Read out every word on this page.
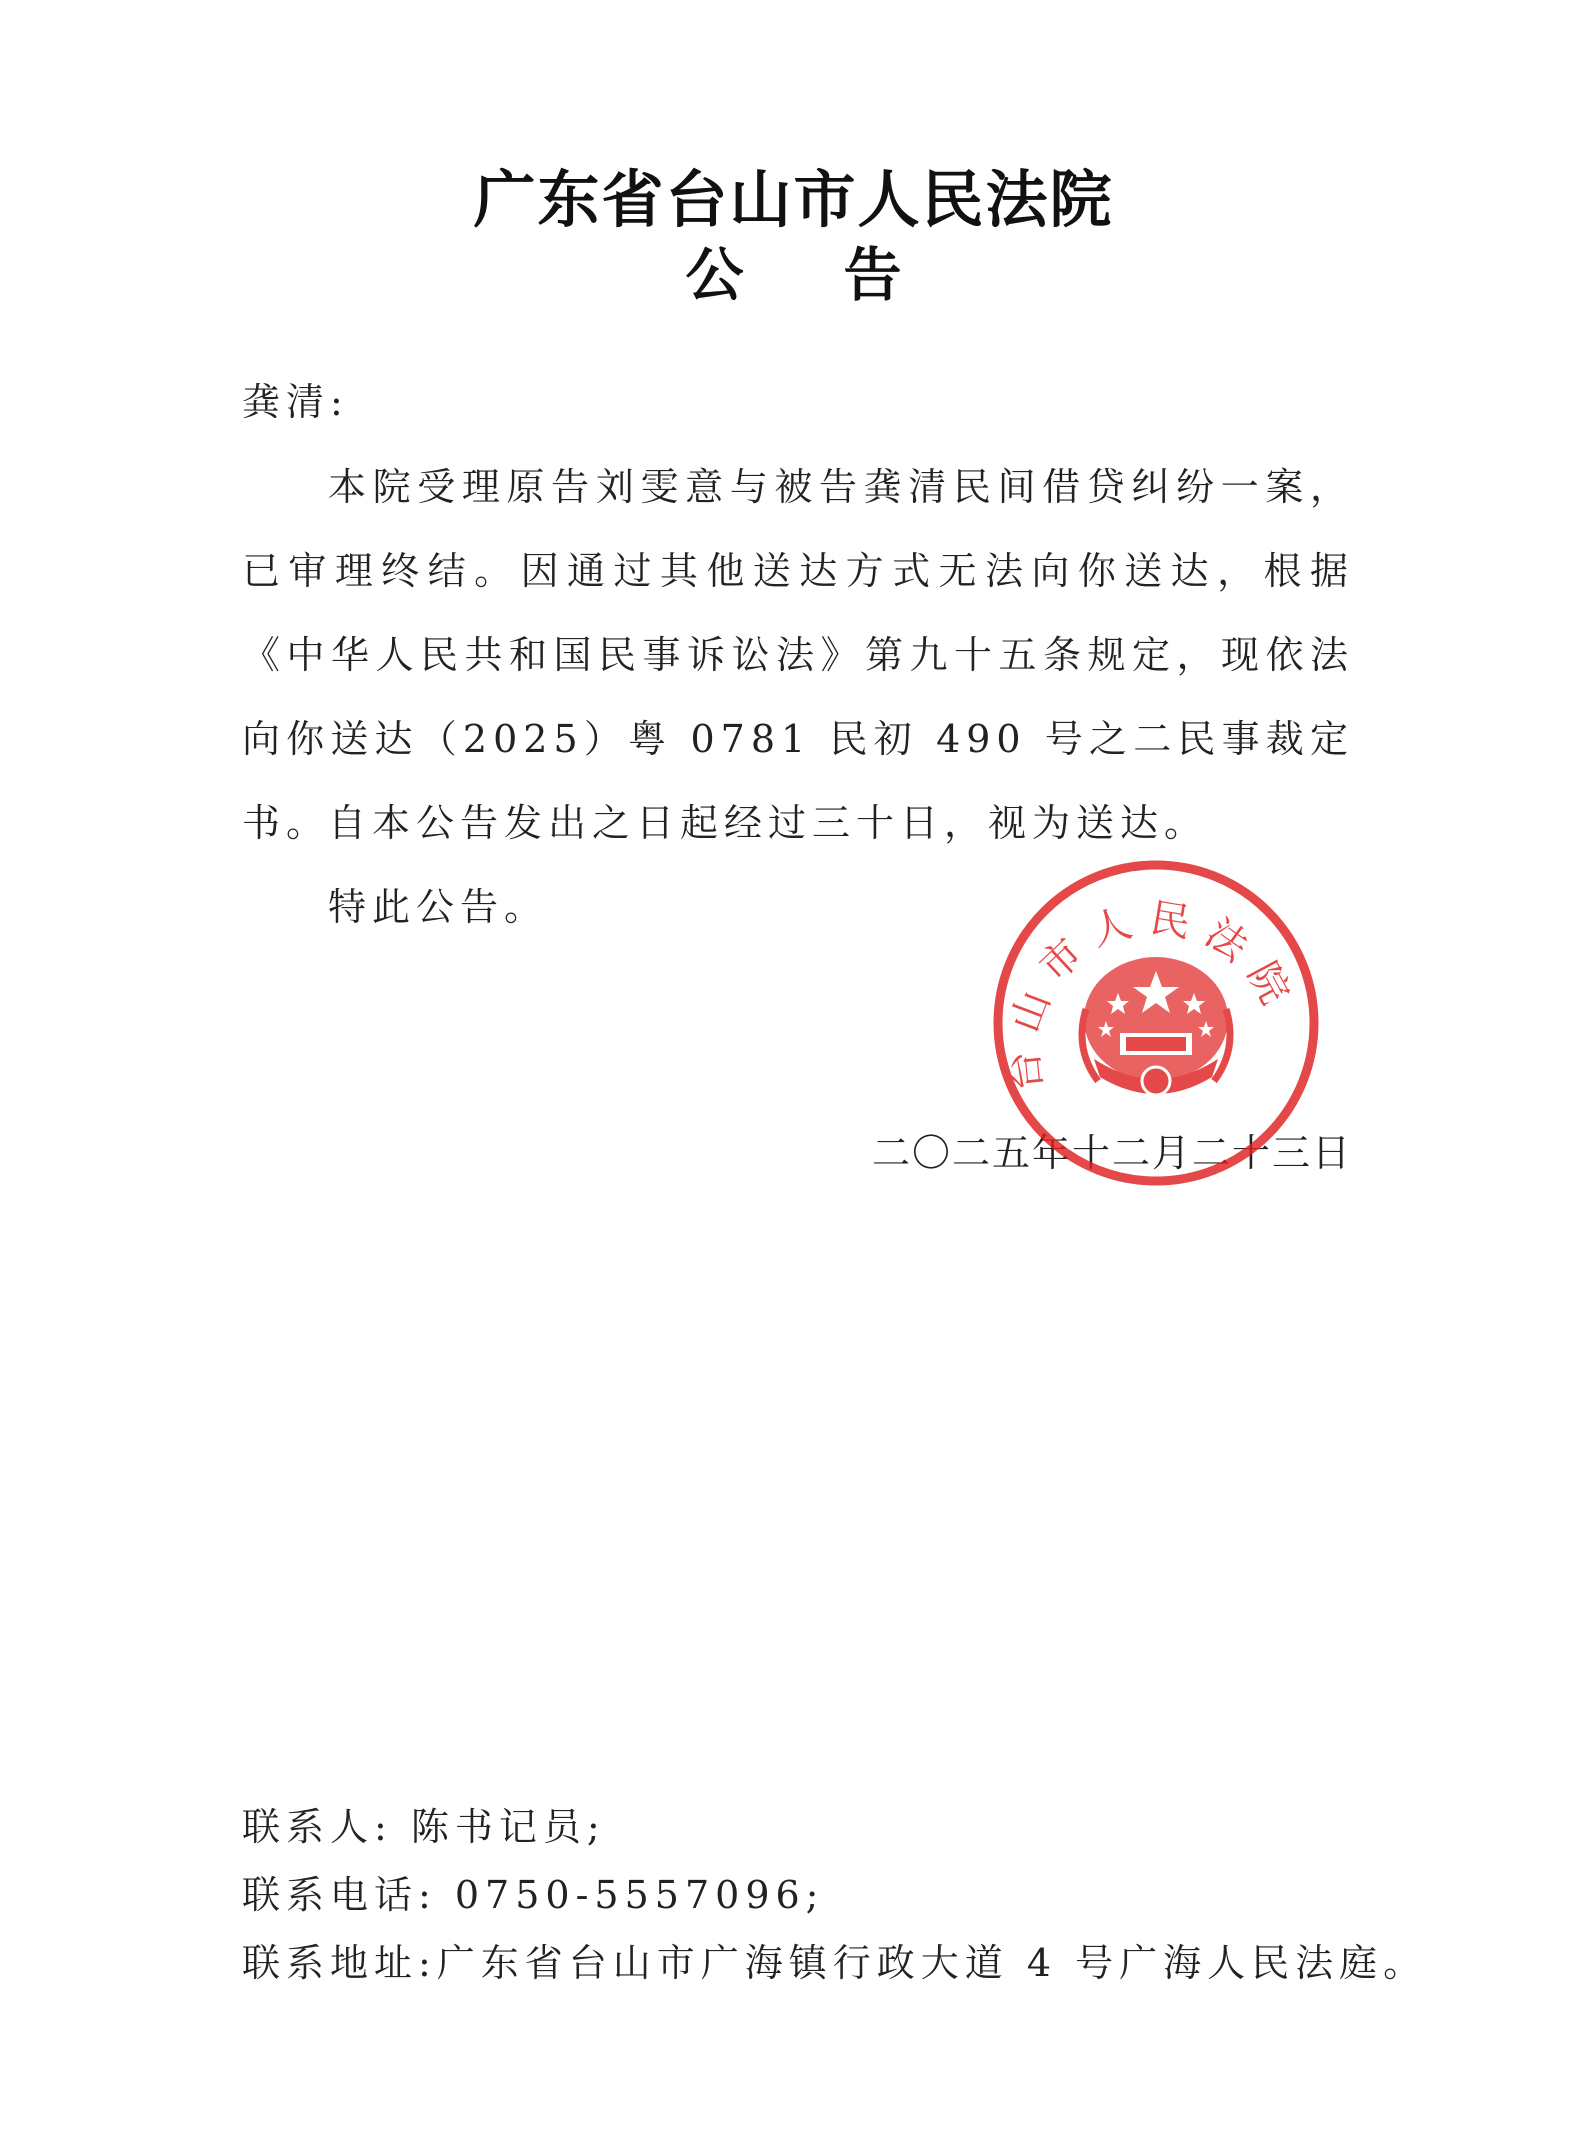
广东省台山市人民法院
公告
龚清:
本院受理原告刘雯意与被告龚清民间借贷纠纷一案，已审理终结。因通过其他送达方式无法向你送达，根据《中华人民共和国民事诉讼法》第九十五条规定，现依法向你送达（2025）粤 0781 民初 490 号之二民事裁定书。
自本公告发出之日起经过三十日，视为送达。
特此公告。
二〇二五年十二月二十三日
台山市人民法院
联系人: 陈书记员;
联系电话: 0750-5557096;
联系地址:广东省台山市广海镇行政大道 4 号广海人民法庭。
